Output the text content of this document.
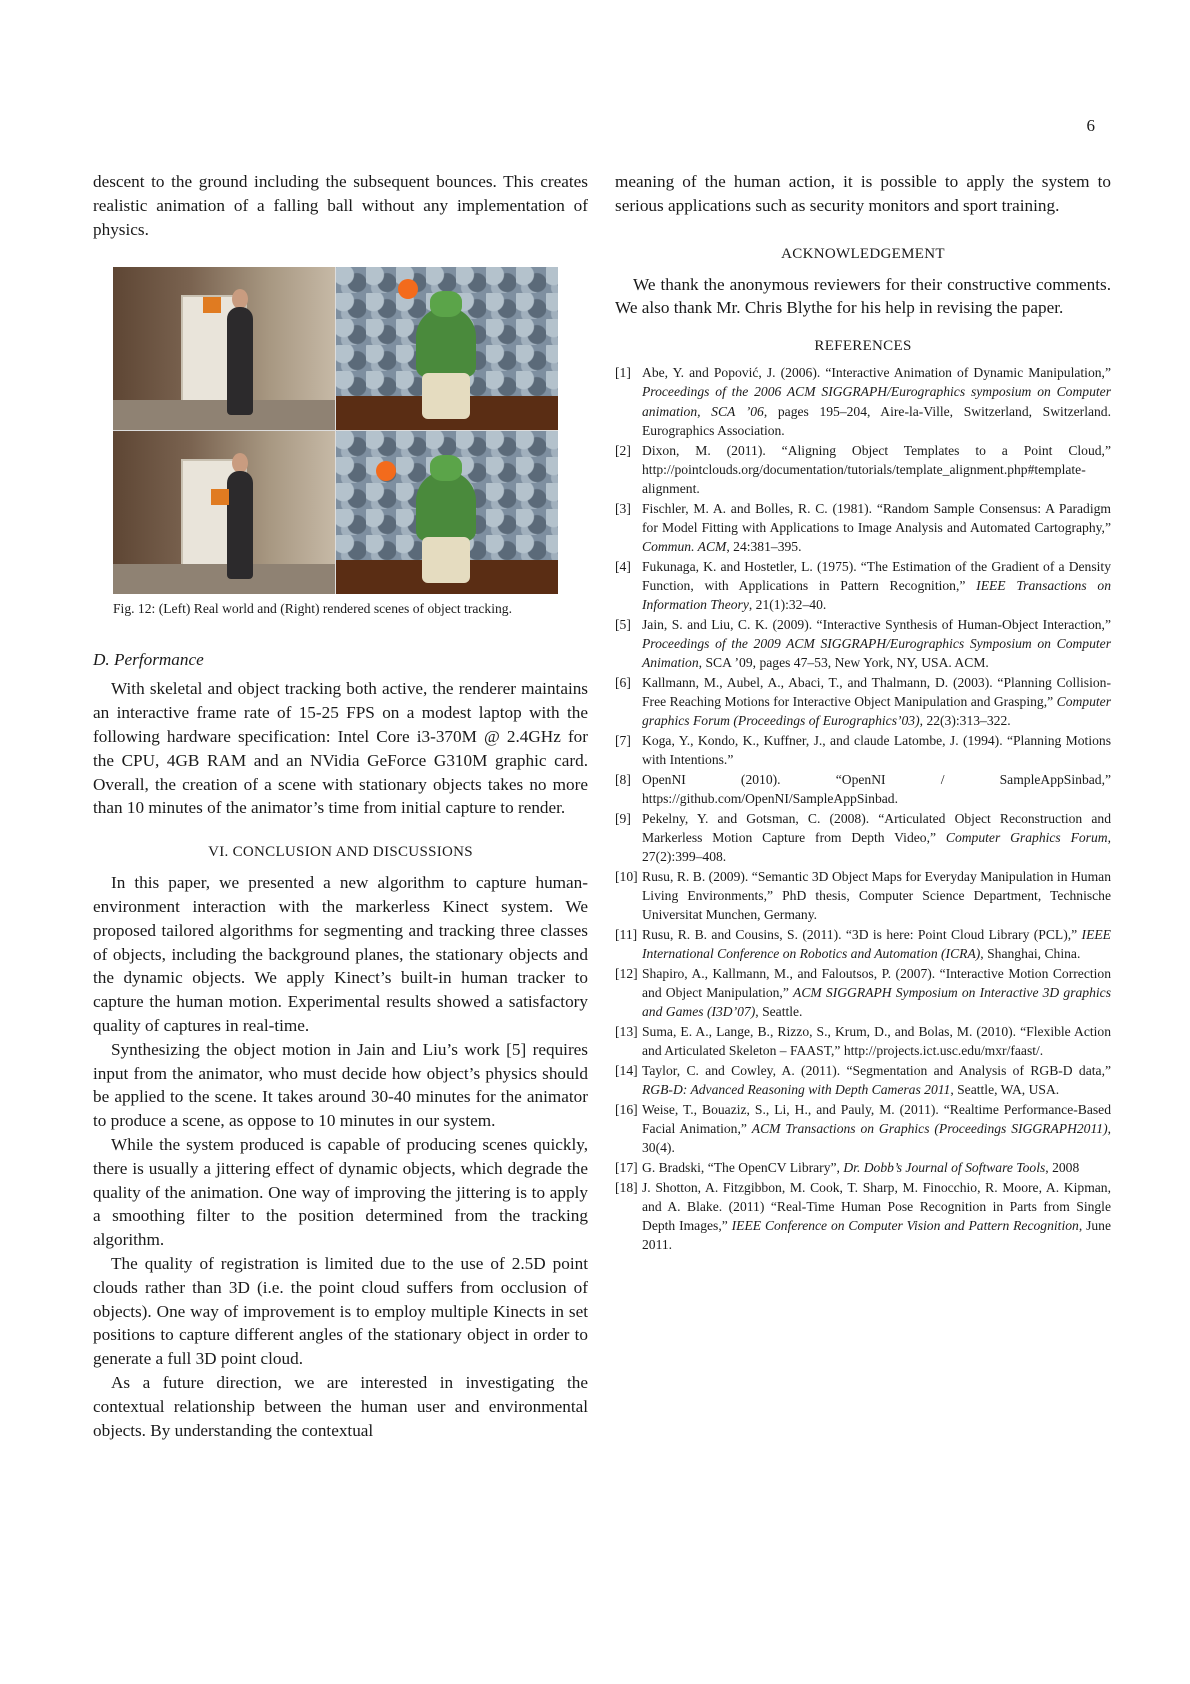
6

descent to the ground including the subsequent bounces. This creates realistic animation of a falling ball without any implementation of physics.

Fig. 12: (Left) Real world and (Right) rendered scenes of object tracking.
D. Performance

With skeletal and object tracking both active, the renderer maintains an interactive frame rate of 15-25 FPS on a modest laptop with the following hardware specification: Intel Core i3-370M @ 2.4GHz for the CPU, 4GB RAM and an NVidia GeForce G310M graphic card. Overall, the creation of a scene with stationary objects takes no more than 10 minutes of the animator’s time from initial capture to render.

VI. CONCLUSION AND DISCUSSIONS

In this paper, we presented a new algorithm to capture human-environment interaction with the markerless Kinect system. We proposed tailored algorithms for segmenting and tracking three classes of objects, including the background planes, the stationary objects and the dynamic objects. We apply Kinect’s built-in human tracker to capture the human motion. Experimental results showed a satisfactory quality of captures in real-time.

Synthesizing the object motion in Jain and Liu’s work [5] requires input from the animator, who must decide how object’s physics should be applied to the scene. It takes around 30-40 minutes for the animator to produce a scene, as oppose to 10 minutes in our system.

While the system produced is capable of producing scenes quickly, there is usually a jittering effect of dynamic objects, which degrade the quality of the animation. One way of improving the jittering is to apply a smoothing filter to the position determined from the tracking algorithm.

The quality of registration is limited due to the use of 2.5D point clouds rather than 3D (i.e. the point cloud suffers from occlusion of objects). One way of improvement is to employ multiple Kinects in set positions to capture different angles of the stationary object in order to generate a full 3D point cloud.

As a future direction, we are interested in investigating the contextual relationship between the human user and environmental objects. By understanding the contextual

meaning of the human action, it is possible to apply the system to serious applications such as security monitors and sport training.

ACKNOWLEDGEMENT

We thank the anonymous reviewers for their constructive comments. We also thank Mr. Chris Blythe for his help in revising the paper.

REFERENCES
[1] Abe, Y. and Popović, J. (2006). “Interactive Animation of Dynamic Manipulation,” Proceedings of the 2006 ACM SIGGRAPH/Eurographics symposium on Computer animation, SCA ’06, pages 195–204, Aire-la-Ville, Switzerland, Switzerland. Eurographics Association.
[2] Dixon, M. (2011). “Aligning Object Templates to a Point Cloud,” http://pointclouds.org/documentation/tutorials/template_alignment.php#template-alignment.
[3] Fischler, M. A. and Bolles, R. C. (1981). “Random Sample Consensus: A Paradigm for Model Fitting with Applications to Image Analysis and Automated Cartography,” Commun. ACM, 24:381–395.
[4] Fukunaga, K. and Hostetler, L. (1975). “The Estimation of the Gradient of a Density Function, with Applications in Pattern Recognition,” IEEE Transactions on Information Theory, 21(1):32–40.
[5] Jain, S. and Liu, C. K. (2009). “Interactive Synthesis of Human-Object Interaction,” Proceedings of the 2009 ACM SIGGRAPH/Eurographics Symposium on Computer Animation, SCA ’09, pages 47–53, New York, NY, USA. ACM.
[6] Kallmann, M., Aubel, A., Abaci, T., and Thalmann, D. (2003). “Planning Collision-Free Reaching Motions for Interactive Object Manipulation and Grasping,” Computer graphics Forum (Proceedings of Eurographics’03), 22(3):313–322.
[7] Koga, Y., Kondo, K., Kuffner, J., and claude Latombe, J. (1994). “Planning Motions with Intentions.”
[8] OpenNI (2010). “OpenNI / SampleAppSinbad,” https://github.com/OpenNI/SampleAppSinbad.
[9] Pekelny, Y. and Gotsman, C. (2008). “Articulated Object Reconstruction and Markerless Motion Capture from Depth Video,” Computer Graphics Forum, 27(2):399–408.
[10] Rusu, R. B. (2009). “Semantic 3D Object Maps for Everyday Manipulation in Human Living Environments,” PhD thesis, Computer Science Department, Technische Universitat Munchen, Germany.
[11] Rusu, R. B. and Cousins, S. (2011). “3D is here: Point Cloud Library (PCL),” IEEE International Conference on Robotics and Automation (ICRA), Shanghai, China.
[12] Shapiro, A., Kallmann, M., and Faloutsos, P. (2007). “Interactive Motion Correction and Object Manipulation,” ACM SIGGRAPH Symposium on Interactive 3D graphics and Games (I3D’07), Seattle.
[13] Suma, E. A., Lange, B., Rizzo, S., Krum, D., and Bolas, M. (2010). “Flexible Action and Articulated Skeleton – FAAST,” http://projects.ict.usc.edu/mxr/faast/.
[14] Taylor, C. and Cowley, A. (2011). “Segmentation and Analysis of RGB-D data,” RGB-D: Advanced Reasoning with Depth Cameras 2011, Seattle, WA, USA.
[16] Weise, T., Bouaziz, S., Li, H., and Pauly, M. (2011). “Realtime Performance-Based Facial Animation,” ACM Transactions on Graphics (Proceedings SIGGRAPH2011), 30(4).
[17] G. Bradski, “The OpenCV Library”, Dr. Dobb’s Journal of Software Tools, 2008
[18] J. Shotton, A. Fitzgibbon, M. Cook, T. Sharp, M. Finocchio, R. Moore, A. Kipman, and A. Blake. (2011) “Real-Time Human Pose Recognition in Parts from Single Depth Images,” IEEE Conference on Computer Vision and Pattern Recognition, June 2011.
